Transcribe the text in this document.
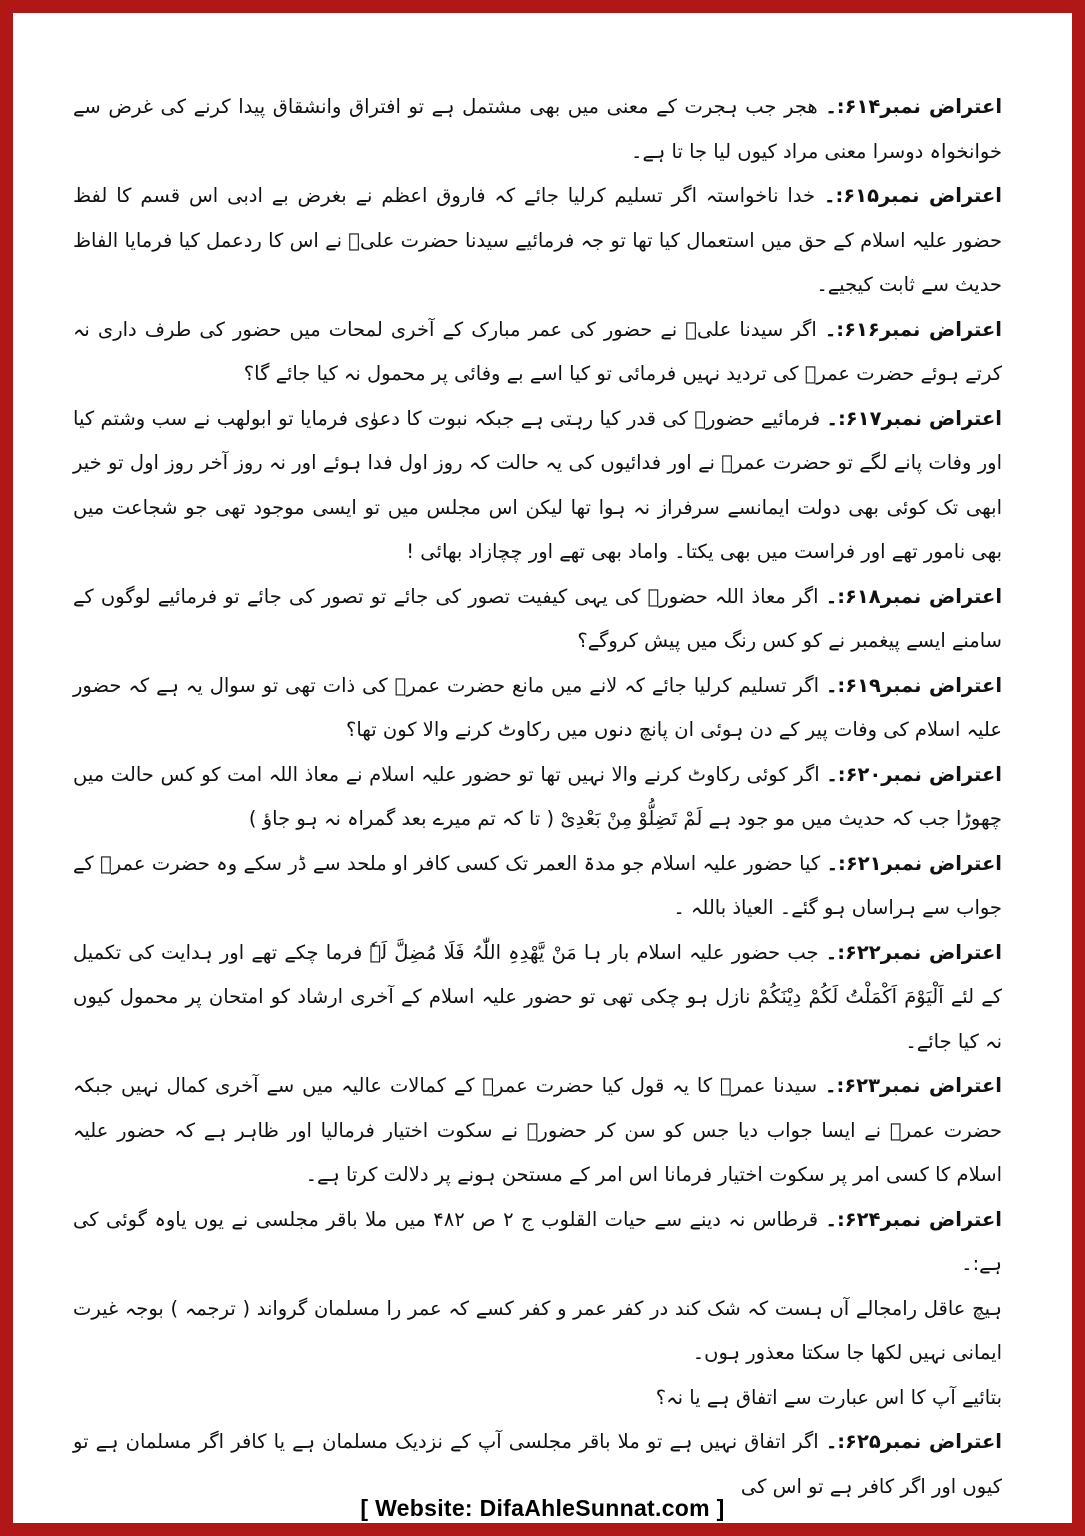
اعتراض نمبر۶۱۴:۔ ھجر جب ہجرت کے معنی میں بھی مشتمل ہے تو افتراق وانشقاق پیدا کرنے کی غرض سے خوانخواہ دوسرا معنی مراد کیوں لیا جا تا ہے۔

اعتراض نمبر۶۱۵:۔ خدا ناخواستہ اگر تسلیم کرلیا جائے کہ فاروق اعظم نے بغرض بے ادبی اس قسم کا لفظ حضور علیہ اسلام کے حق میں استعمال کیا تھا تو جہ فرمائیے سیدنا حضرت علیؓ نے اس کا ردعمل کیا فرمایا الفاظ حدیث سے ثابت کیجیے۔

اعتراض نمبر۶۱۶:۔ اگر سیدنا علیؓ نے حضور کی عمر مبارک کے آخری لمحات میں حضور کی طرف داری نہ کرتے ہوئے حضرت عمرؓ کی تردید نہیں فرمائی تو کیا اسے بے وفائی پر محمول نہ کیا جائے گا؟

اعتراض نمبر۶۱۷:۔ فرمائیے حضورؐ کی قدر کیا رہتی ہے جبکہ نبوت کا دعوٰی فرمایا تو ابولھب نے سب وشتم کیا اور وفات پانے لگے تو حضرت عمرؓ نے اور فدائیوں کی یہ حالت کہ روز اول فدا ہوئے اور نہ روز آخر روز اول تو خیر ابھی تک کوئی بھی دولت ایمانسے سرفراز نہ ہوا تھا لیکن اس مجلس میں تو ایسی موجود تھی جو شجاعت میں بھی نامور تھے اور فراست میں بھی یکتا۔ واماد بھی تھے اور چچازاد بھائی !

اعتراض نمبر۶۱۸:۔ اگر معاذ اللہ حضورؐ کی یہی کیفیت تصور کی جائے تو تصور کی جائے تو فرمائیے لوگوں کے سامنے ایسے پیغمبر نے کو کس رنگ میں پیش کروگے؟

اعتراض نمبر۶۱۹:۔ اگر تسلیم کرلیا جائے کہ لانے میں مانع حضرت عمرؓ کی ذات تھی تو سوال یہ ہے کہ حضور علیہ اسلام کی وفات پیر کے دن ہوئی ان پانچ دنوں میں رکاوٹ کرنے والا کون تھا؟

اعتراض نمبر۶۲۰:۔ اگر کوئی رکاوٹ کرنے والا نہیں تھا تو حضور علیہ اسلام نے معاذ اللہ امت کو کس حالت میں چھوڑا جب کہ حدیث میں مو جود ہے لَمْ تَضِلُّوْ مِنْ بَعْدِیْ ( تا کہ تم میرے بعد گمراہ نہ ہو جاؤ )

اعتراض نمبر۶۲۱:۔ کیا حضور علیہ اسلام جو مدۃ العمر تک کسی کافر او ملحد سے ڈر سکے وہ حضرت عمرؓ کے جواب سے ہراساں ہو گئے۔ العیاذ باللہ ۔

اعتراض نمبر۶۲۲:۔ جب حضور علیہ اسلام بار ہا مَنْ یَّھْدِہِ اللّٰہُ فَلَا مُضِلَّ لَہٗ فرما چکے تھے اور ہدایت کی تکمیل کے لئے اَلْیَوْمَ اَکْمَلْتُ لَکُمْ دِیْنَکُمْ نازل ہو چکی تھی تو حضور علیہ اسلام کے آخری ارشاد کو امتحان پر محمول کیوں نہ کیا جائے۔

اعتراض نمبر۶۲۳:۔ سیدنا عمرؓ کا یہ قول کیا حضرت عمرؓ کے کمالات عالیہ میں سے آخری کمال نہیں جبکہ حضرت عمرؓ نے ایسا جواب دیا جس کو سن کر حضورؐ نے سکوت اختیار فرمالیا اور ظاہر ہے کہ حضور علیہ اسلام کا کسی امر پر سکوت اختیار فرمانا اس امر کے مستحن ہونے پر دلالت کرتا ہے۔

اعتراض نمبر۶۲۴:۔ قرطاس نہ دینے سے حیات القلوب ج ۲ ص ۴۸۲ میں ملا باقر مجلسی نے یوں یاوہ گوئی کی ہے:۔

ہیچ عاقل رامجالے آں ہست کہ شک کند در کفر عمر و کفر کسے کہ عمر را مسلمان گرواند ( ترجمہ ) بوجہ غیرت ایمانی نہیں لکھا جا سکتا معذور ہوں۔

بتائیے آپ کا اس عبارت سے اتفاق ہے یا نہ؟

اعتراض نمبر۶۲۵:۔ اگر اتفاق نہیں ہے تو ملا باقر مجلسی آپ کے نزدیک مسلمان ہے یا کافر اگر مسلمان ہے تو کیوں اور اگر کافر ہے تو اس کی

[ Website: DifaAhleSunnat.com ]
